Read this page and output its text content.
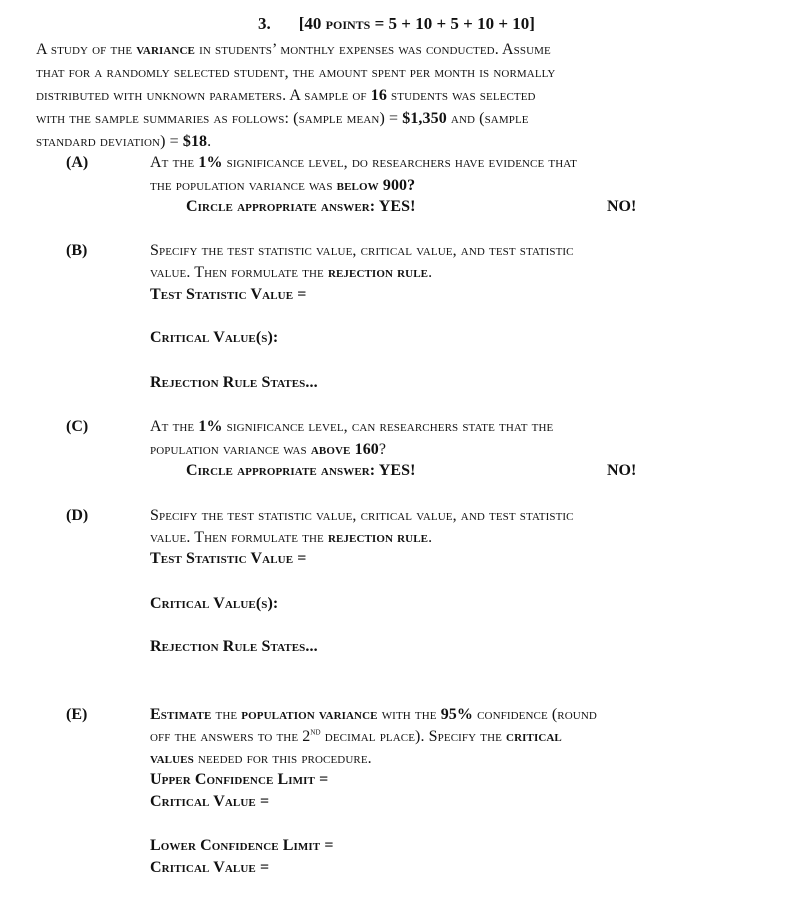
3. [40 points = 5 + 10 + 5 + 10 + 10]
A study of the variance in students’ monthly expenses was conducted. Assume
that for a randomly selected student, the amount spent per month is normally
distributed with unknown parameters. A sample of 16 students was selected
with the sample summaries as follows: (sample mean) = $1,350 and (sample
standard deviation) = $18.
(A)	At the 1% significance level, do researchers have evidence that
the population variance was below 900?
Circle appropriate answer: YES!	NO!
(B)	Specify the test statistic value, critical value, and test statistic
value. Then formulate the rejection rule.
Test Statistic Value =
Critical Value(s):
Rejection Rule States...
(C)	At the 1% significance level, can researchers state that the
population variance was above 160?
Circle appropriate answer: YES!	NO!
(D)	Specify the test statistic value, critical value, and test statistic
value. Then formulate the rejection rule.
Test Statistic Value =
Critical Value(s):
Rejection Rule States...
(E)	Estimate the population variance with the 95% confidence (round
off the answers to the 2nd decimal place). Specify the critical
values needed for this procedure.
Upper Confidence Limit =
Critical Value =
Lower Confidence Limit =
Critical Value =
